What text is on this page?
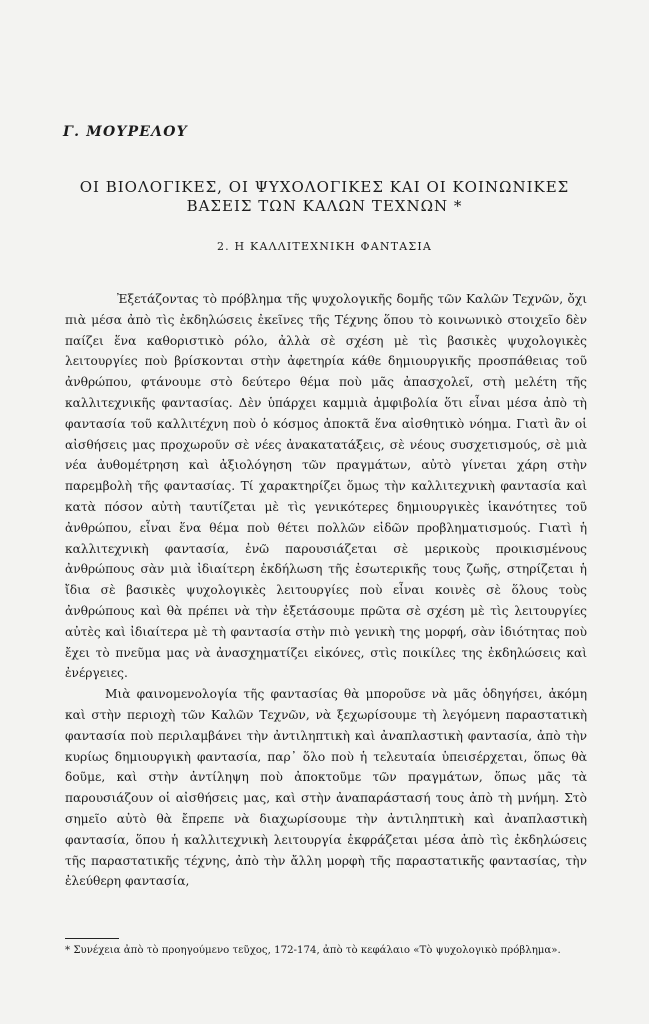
Γ. ΜΟΥΡΕΛΟΥ
ΟΙ ΒΙΟΛΟΓΙΚΕΣ, ΟΙ ΨΥΧΟΛΟΓΙΚΕΣ ΚΑΙ ΟΙ ΚΟΙΝΩΝΙΚΕΣ
ΒΑΣΕΙΣ ΤΩΝ ΚΑΛΩΝ ΤΕΧΝΩΝ *
2. Η ΚΑΛΛΙΤΕΧΝΙΚΗ ΦΑΝΤΑΣΙΑ

Ἐξετάζοντας τὸ πρόβλημα τῆς ψυχολογικῆς δομῆς τῶν Καλῶν Τεχνῶν, ὄχι πιὰ μέσα ἀπὸ τὶς ἐκδηλώσεις ἐκεῖνες τῆς Τέχνης ὅπου τὸ κοινωνικὸ στοιχεῖο δὲν παίζει ἕνα καθοριστικὸ ρόλο, ἀλλὰ σὲ σχέση μὲ τὶς βασικὲς ψυχολογικὲς λειτουργίες ποὺ βρίσκονται στὴν ἀφετηρία κάθε δημιουργικῆς προσπάθειας τοῦ ἀνθρώπου, φτάνουμε στὸ δεύτερο θέμα ποὺ μᾶς ἀπασχολεῖ, στὴ μελέτη τῆς καλλιτεχνικῆς φαντασίας. Δὲν ὑπάρχει καμμιὰ ἀμφιβολία ὅτι εἶναι μέσα ἀπὸ τὴ φαντασία τοῦ καλλιτέχνη ποὺ ὁ κόσμος ἀποκτᾶ ἕνα αἰσθητικὸ νόημα. Γιατὶ ἂν οἱ αἰσθήσεις μας προχωροῦν σὲ νέες ἀνακατατάξεις, σὲ νέους συσχετισμούς, σὲ μιὰ νέα ἀυθομέτρηση καὶ ἀξιολόγηση τῶν πραγμάτων, αὐτὸ γίνεται χάρη στὴν παρεμβολὴ τῆς φαντασίας. Τί χαρακτηρίζει ὅμως τὴν καλλιτεχνικὴ φαντασία καὶ κατὰ πόσον αὐτὴ ταυτίζεται μὲ τὶς γενικότερες δημιουργικὲς ἱκανότητες τοῦ ἀνθρώπου, εἶναι ἕνα θέμα ποὺ θέτει πολλῶν εἰδῶν προβληματισμούς. Γιατὶ ἡ καλλιτεχνικὴ φαντασία, ἐνῶ παρουσιάζεται σὲ μερικοὺς προικισμένους ἀνθρώπους σὰν μιὰ ἰδιαίτερη ἐκδήλωση τῆς ἐσωτερικῆς τους ζωῆς, στηρίζεται ἡ ἴδια σὲ βασικὲς ψυχολογικὲς λειτουργίες ποὺ εἶναι κοινὲς σὲ ὅλους τοὺς ἀνθρώπους καὶ θὰ πρέπει νὰ τὴν ἐξετάσουμε πρῶτα σὲ σχέση μὲ τὶς λειτουργίες αὐτὲς καὶ ἰδιαίτερα μὲ τὴ φαντασία στὴν πιὸ γενικὴ της μορφή, σὰν ἰδιότητας ποὺ ἔχει τὸ πνεῦμα μας νὰ ἀνασχηματίζει εἰκόνες, στὶς ποικίλες της ἐκδηλώσεις καὶ ἐνέργειες.

Μιὰ φαινομενολογία τῆς φαντασίας θὰ μποροῦσε νὰ μᾶς ὁδηγήσει, ἀκόμη καὶ στὴν περιοχὴ τῶν Καλῶν Τεχνῶν, νὰ ξεχωρίσουμε τὴ λεγόμενη παραστατικὴ φαντασία ποὺ περιλαμβάνει τὴν ἀντιληπτικὴ καὶ ἀναπλαστικὴ φαντασία, ἀπὸ τὴν κυρίως δημιουργικὴ φαντασία, παρ᾿ ὅλο ποὺ ἡ τελευταία ὑπεισέρχεται, ὅπως θὰ δοῦμε, καὶ στὴν ἀντίληψη ποὺ ἀποκτοῦμε τῶν πραγμάτων, ὅπως μᾶς τὰ παρουσιάζουν οἱ αἰσθήσεις μας, καὶ στὴν ἀναπαράστασή τους ἀπὸ τὴ μνήμη. Στὸ σημεῖο αὐτὸ θὰ ἔπρεπε νὰ διαχωρίσουμε τὴν ἀντιληπτικὴ καὶ ἀναπλαστικὴ φαντασία, ὅπου ἡ καλλιτεχνικὴ λειτουργία ἐκφράζεται μέσα ἀπὸ τὶς ἐκδηλώσεις τῆς παραστατικῆς τέχνης, ἀπὸ τὴν ἄλλη μορφὴ τῆς παραστατικῆς φαντασίας, τὴν ἐλεύθερη φαντασία,

* Συνέχεια ἀπὸ τὸ προηγούμενο τεῦχος, 172-174, ἀπὸ τὸ κεφάλαιο «Τὸ ψυχολογικὸ πρόβλημα».
